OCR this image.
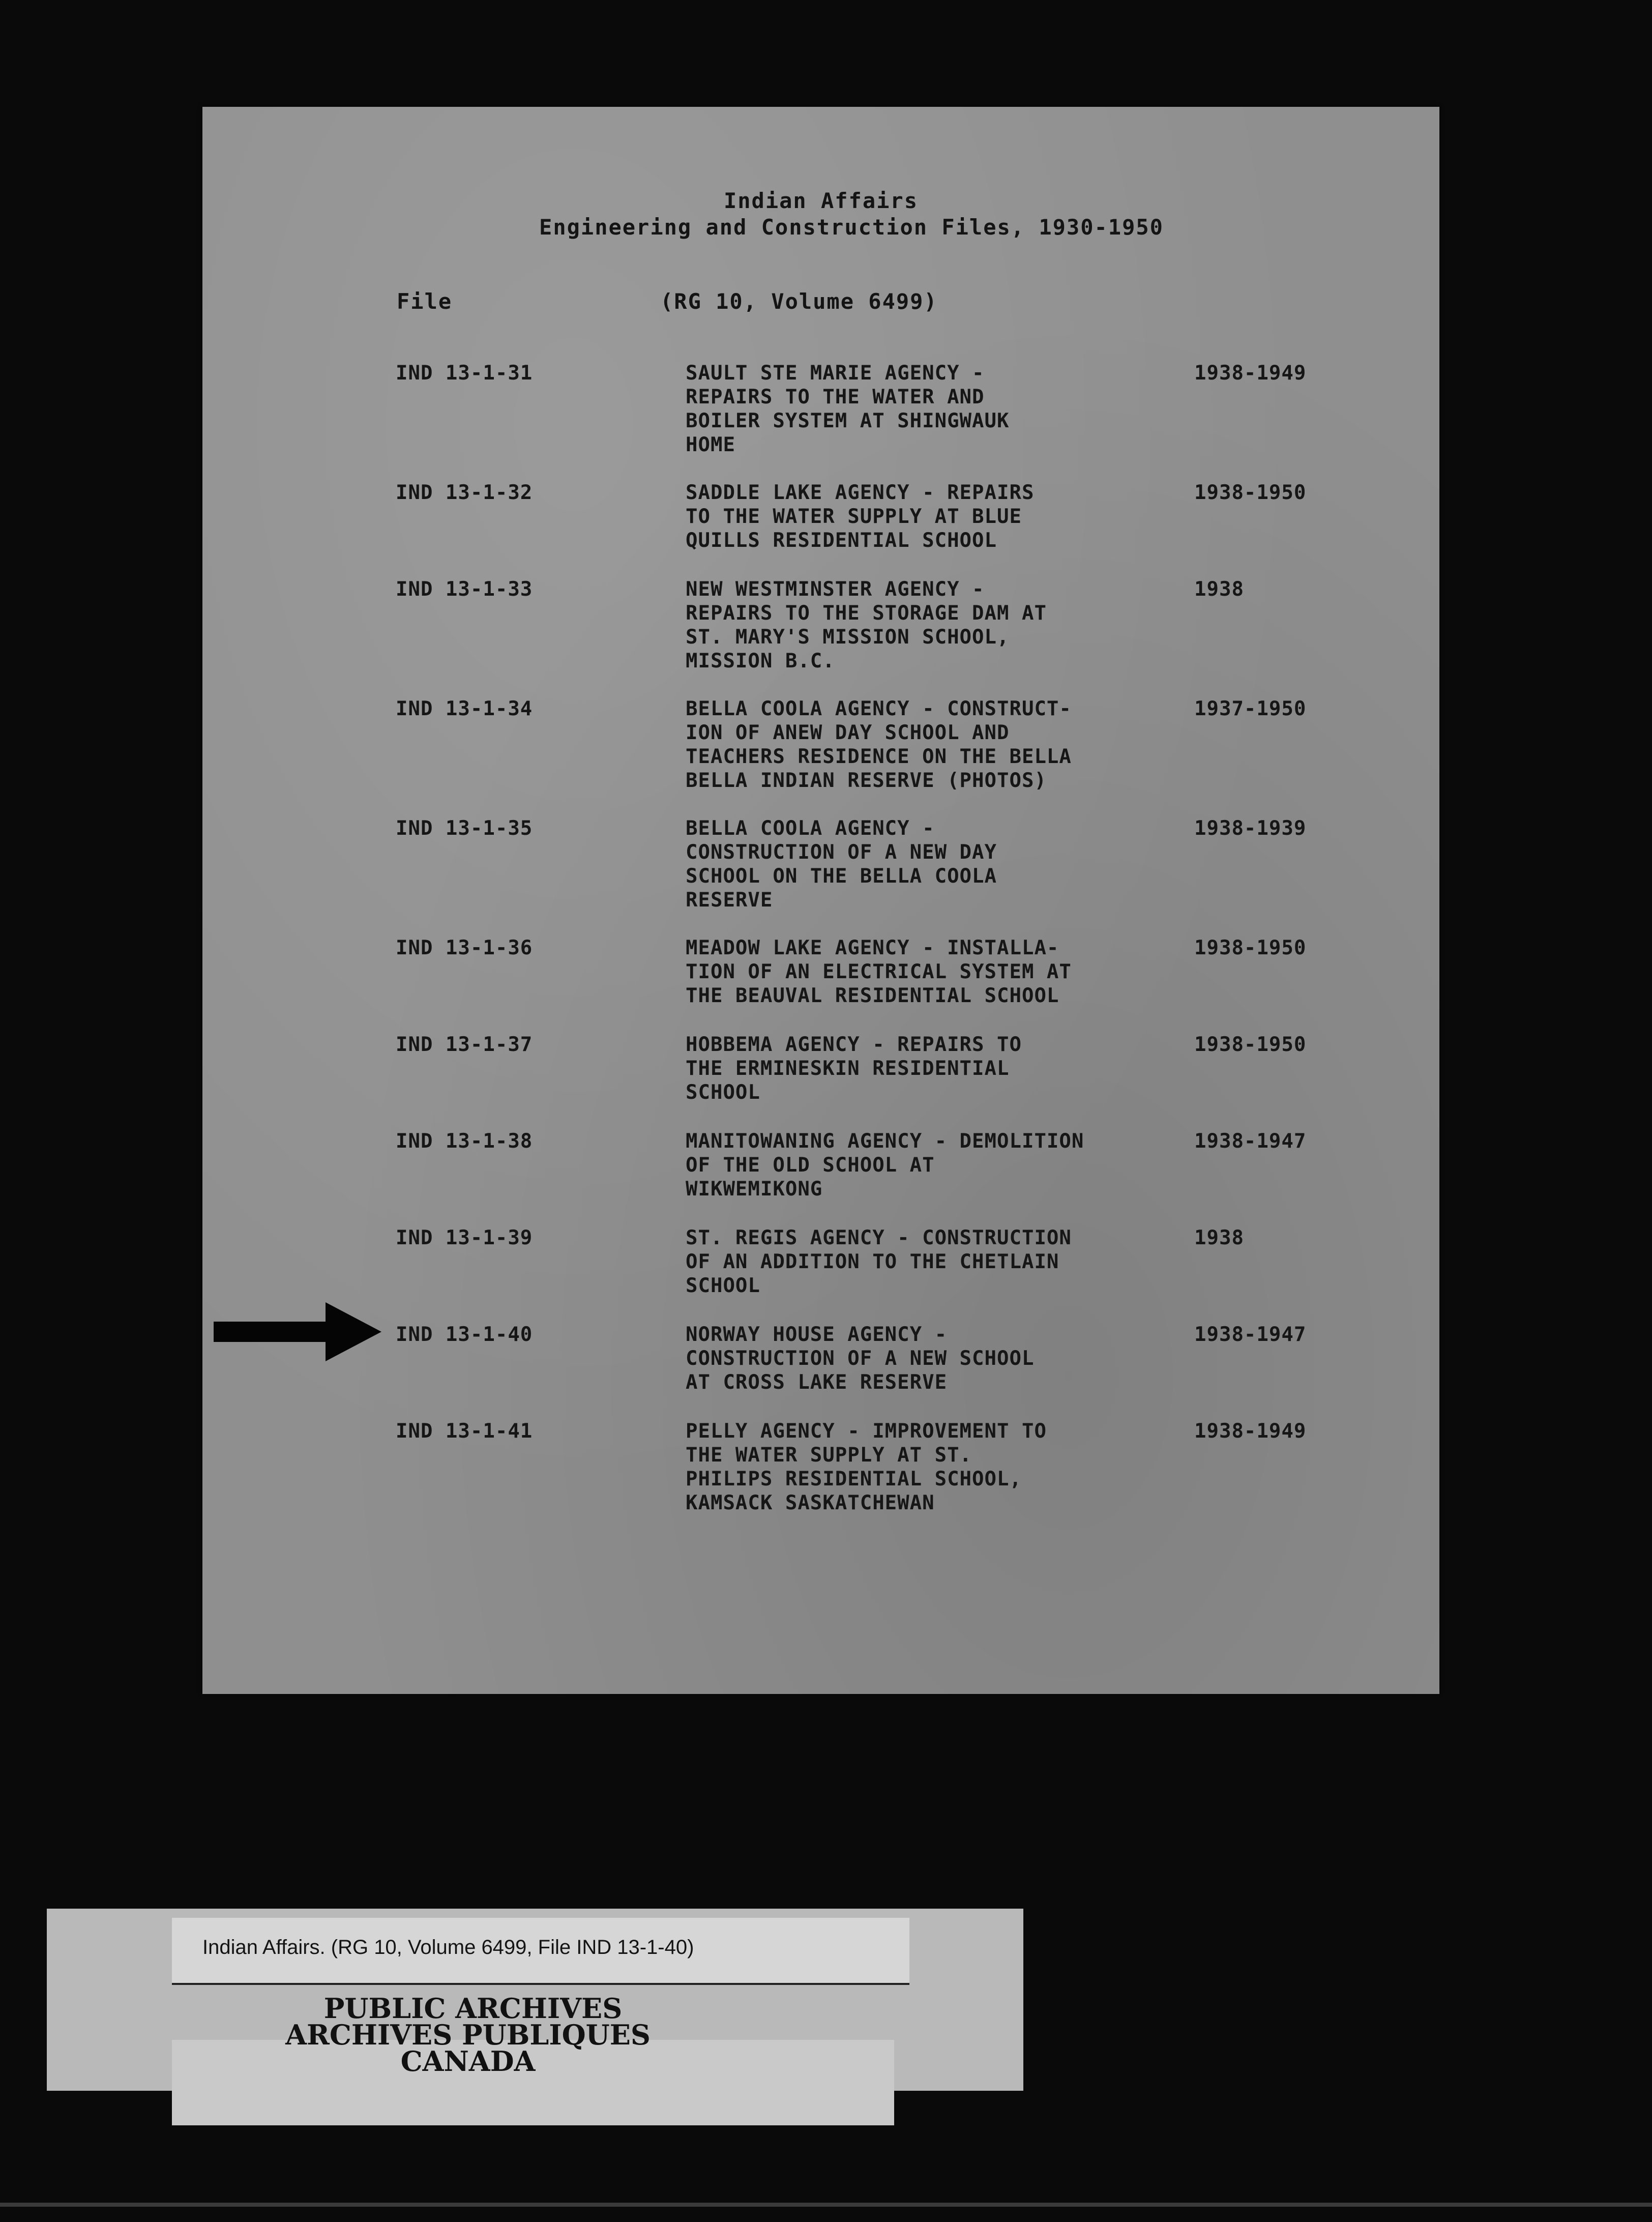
Indian Affairs
Engineering and Construction Files, 1930-1950
File	(RG 10, Volume 6499)
IND 13-1-31	SAULT STE MARIE AGENCY -
REPAIRS TO THE WATER AND
BOILER SYSTEM AT SHINGWAUK
HOME
1938-1949
IND 13-1-32	SADDLE LAKE AGENCY - REPAIRS
TO THE WATER SUPPLY AT BLUE
QUILLS RESIDENTIAL SCHOOL
1938-1950
IND 13-1-33	NEW WESTMINSTER AGENCY -
REPAIRS TO THE STORAGE DAM AT
ST. MARY'S MISSION SCHOOL,
MISSION B.C.
1938
IND 13-1-34	BELLA COOLA AGENCY - CONSTRUCT-
ION OF ANEW DAY SCHOOL AND
TEACHERS RESIDENCE ON THE BELLA
BELLA INDIAN RESERVE (PHOTOS)
1937-1950
IND 13-1-35	BELLA COOLA AGENCY -
CONSTRUCTION OF A NEW DAY
SCHOOL ON THE BELLA COOLA
RESERVE
1938-1939
IND 13-1-36	MEADOW LAKE AGENCY - INSTALLA-
TION OF AN ELECTRICAL SYSTEM AT
THE BEAUVAL RESIDENTIAL SCHOOL
1938-1950
IND 13-1-37	HOBBEMA AGENCY - REPAIRS TO
THE ERMINESKIN RESIDENTIAL
SCHOOL
1938-1950
IND 13-1-38	MANITOWANING AGENCY - DEMOLITION
OF THE OLD SCHOOL AT
WIKWEMIKONG
1938-1947
IND 13-1-39	ST. REGIS AGENCY - CONSTRUCTION
OF AN ADDITION TO THE CHETLAIN
SCHOOL
1938
IND 13-1-40	NORWAY HOUSE AGENCY -
CONSTRUCTION OF A NEW SCHOOL
AT CROSS LAKE RESERVE
1938-1947
IND 13-1-41	PELLY AGENCY - IMPROVEMENT TO
THE WATER SUPPLY AT ST.
PHILIPS RESIDENTIAL SCHOOL,
KAMSACK SASKATCHEWAN
1938-1949
Indian Affairs. (RG 10, Volume 6499, File IND 13-1-40)
PUBLIC ARCHIVES
ARCHIVES PUBLIQUES
CANADA
